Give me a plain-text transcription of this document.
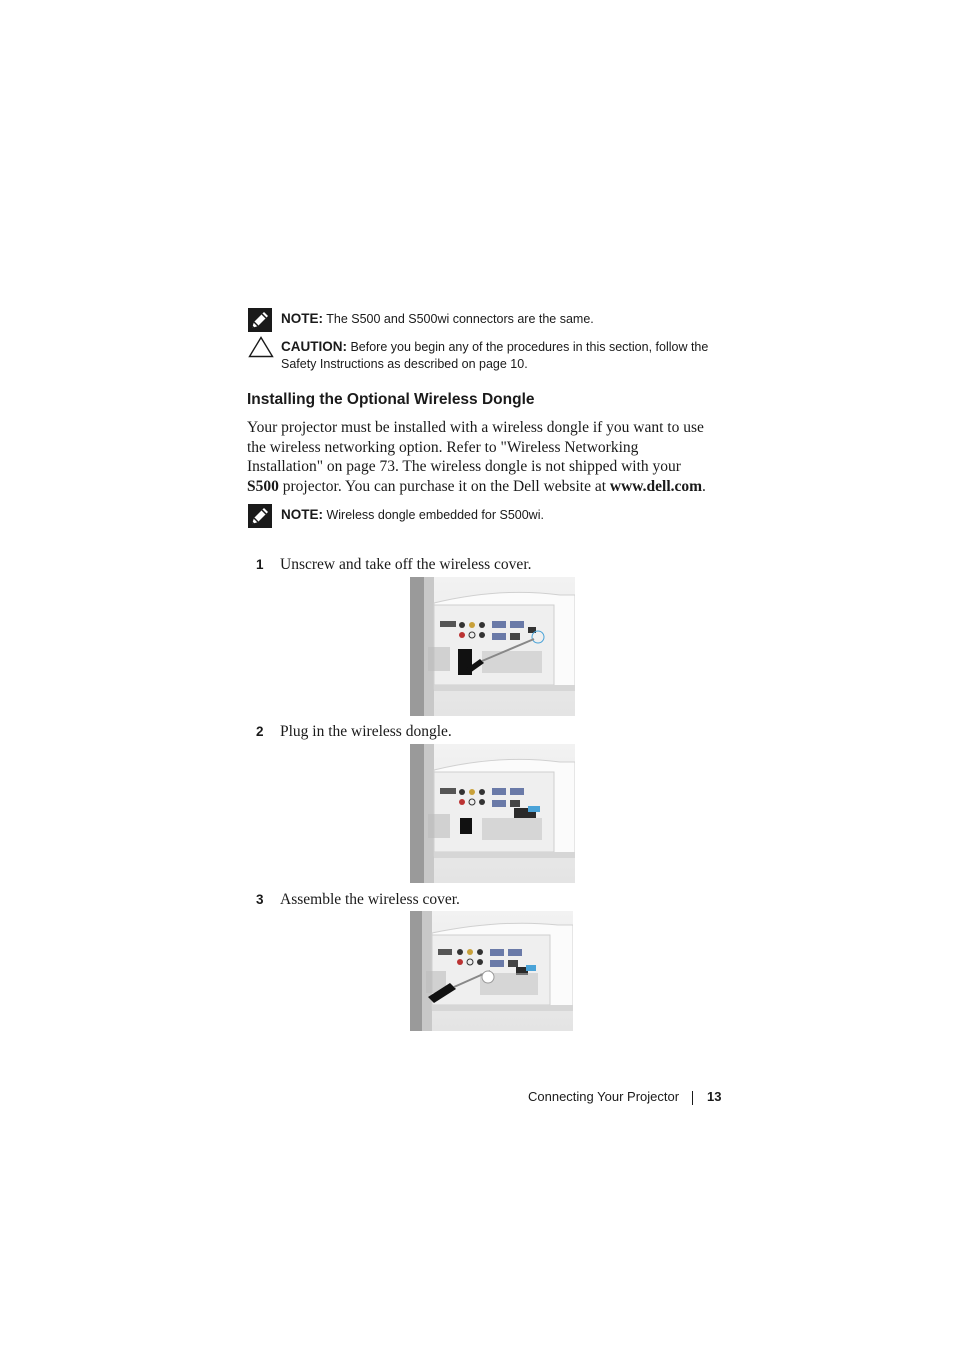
NOTE: The S500 and S500wi connectors are the same.
CAUTION: Before you begin any of the procedures in this section, follow the
Safety Instructions as described on page 10.
Installing the Optional Wireless Dongle
Your projector must be installed with a wireless dongle if you want to use
the wireless networking option. Refer to "Wireless Networking
Installation" on page 73. The wireless dongle is not shipped with your
S500 projector. You can purchase it on the Dell website at www.dell.com.
NOTE: Wireless dongle embedded for S500wi.
1 Unscrew and take off the wireless cover.
2 Plug in the wireless dongle.
3 Assemble the wireless cover.
Connecting Your Projector 13
